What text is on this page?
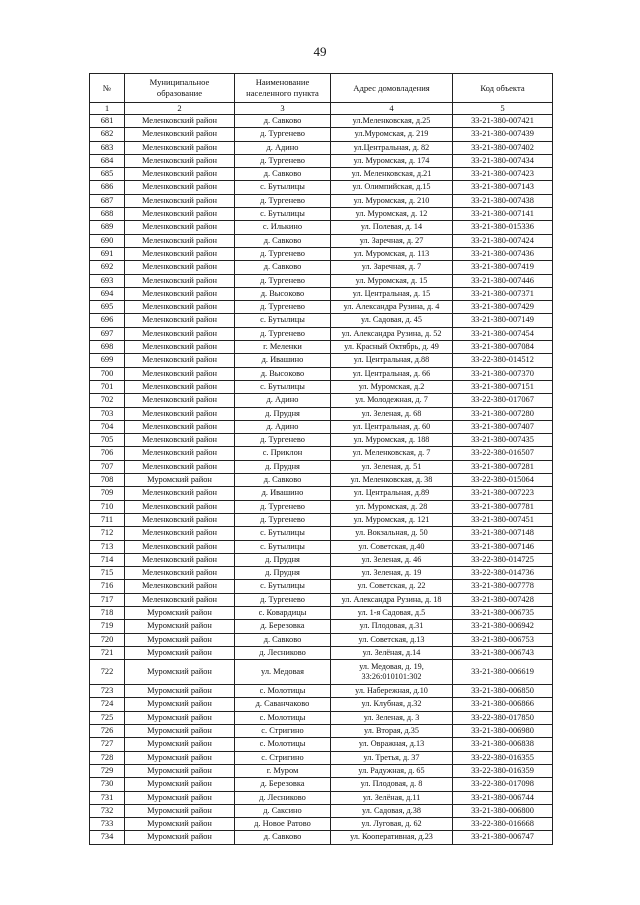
49
№	Муниципальное образование	Наименование населенного пункта	Адрес домовладения	Код объекта
1	2	3	4	5
681	Меленковский район	д. Савково	ул.Меленковская, д.25	33-21-380-007421
682	Меленковский район	д. Тургенево	ул.Муромская, д. 219	33-21-380-007439
683	Меленковский район	д. Адино	ул.Центральная, д. 82	33-21-380-007402
684	Меленковский район	д. Тургенево	ул. Муромская, д. 174	33-21-380-007434
685	Меленковский район	д. Савково	ул. Меленковская, д.21	33-21-380-007423
686	Меленковский район	с. Бутылицы	ул. Олимпийская, д.15	33-21-380-007143
687	Меленковский район	д. Тургенево	ул. Муромская, д. 210	33-21-380-007438
688	Меленковский район	с. Бутылицы	ул. Муромская, д. 12	33-21-380-007141
689	Меленковский район	с. Илькино	ул. Полевая, д. 14	33-21-380-015336
690	Меленковский район	д. Савково	ул. Заречная, д. 27	33-21-380-007424
691	Меленковский район	д. Тургенево	ул. Муромская, д. 113	33-21-380-007436
692	Меленковский район	д. Савково	ул. Заречная, д. 7	33-21-380-007419
693	Меленковский район	д. Тургенево	ул. Муромская, д. 15	33-21-380-007446
694	Меленковский район	д. Высоково	ул. Центральная, д. 15	33-21-380-007371
695	Меленковский район	д. Тургенево	ул. Александра Рузина, д. 4	33-21-380-007429
696	Меленковский район	с. Бутылицы	ул. Садовая, д. 45	33-21-380-007149
697	Меленковский район	д. Тургенево	ул. Александра Рузина, д. 52	33-21-380-007454
698	Меленковский район	г. Меленки	ул. Красный Октябрь, д. 49	33-21-380-007084
699	Меленковский район	д. Ивашино	ул. Центральная, д.88	33-22-380-014512
700	Меленковский район	д. Высоково	ул. Центральная, д. 66	33-21-380-007370
701	Меленковский район	с. Бутылицы	ул. Муромская, д.2	33-21-380-007151
702	Меленковский район	д. Адино	ул. Молодежная, д. 7	33-22-380-017067
703	Меленковский район	д. Прудня	ул. Зеленая, д. 68	33-21-380-007280
704	Меленковский район	д. Адино	ул. Центральная, д. 60	33-21-380-007407
705	Меленковский район	д. Тургенево	ул. Муромская, д. 188	33-21-380-007435
706	Меленковский район	с. Приклон	ул. Меленковская, д. 7	33-22-380-016507
707	Меленковский район	д. Прудня	ул. Зеленая, д. 51	33-21-380-007281
708	Муромский район	д. Савково	ул. Меленковская, д. 38	33-22-380-015064
709	Меленковский район	д. Ивашино	ул. Центральная, д.89	33-21-380-007223
710	Меленковский район	д. Тургенево	ул. Муромская, д. 28	33-21-380-007781
711	Меленковский район	д. Тургенево	ул. Муромская, д. 121	33-21-380-007451
712	Меленковский район	с. Бутылицы	ул. Вокзальная, д. 50	33-21-380-007148
713	Меленковский район	с. Бутылицы	ул. Советская, д.40	33-21-380-007146
714	Меленковский район	д. Прудня	ул. Зеленая, д. 46	33-22-380-014725
715	Меленковский район	д. Прудня	ул. Зеленая, д. 19	33-22-380-014736
716	Меленковский район	с. Бутылицы	ул. Советская, д. 22	33-21-380-007778
717	Меленковский район	д. Тургенево	ул. Александра Рузина, д. 18	33-21-380-007428
718	Муромский район	с. Ковардицы	ул. 1-я Садовая, д.5	33-21-380-006735
719	Муромский район	д. Березовка	ул. Плодовая, д.31	33-21-380-006942
720	Муромский район	д. Савково	ул. Советская, д.13	33-21-380-006753
721	Муромский район	д. Лесниково	ул. Зелёная, д.14	33-21-380-006743
722	Муромский район	ул. Медовая	ул. Медовая, д. 19, 33:26:010101:302	33-21-380-006619
723	Муромский район	с. Молотицы	ул. Набережная, д.10	33-21-380-006850
724	Муромский район	д. Саванчаково	ул. Клубная, д.32	33-21-380-006866
725	Муромский район	с. Молотицы	ул. Зеленая, д. 3	33-22-380-017850
726	Муромский район	с. Стригино	ул. Вторая, д.35	33-21-380-006980
727	Муромский район	с. Молотицы	ул. Овражная, д.13	33-21-380-006838
728	Муромский район	с. Стригино	ул. Третья, д. 37	33-22-380-016355
729	Муромский район	г. Муром	ул. Радужная, д. 65	33-22-380-016359
730	Муромский район	д. Березовка	ул. Плодовая, д. 8	33-22-380-017098
731	Муромский район	д. Лесниково	ул. Зелёная, д.11	33-21-380-006744
732	Муромский район	д. Саксино	ул. Садовая, д.38	33-21-380-006800
733	Муромский район	д. Новое Ратово	ул. Луговая, д. 62	33-22-380-016668
734	Муромский район	д. Савково	ул. Кооперативная, д.23	33-21-380-006747
